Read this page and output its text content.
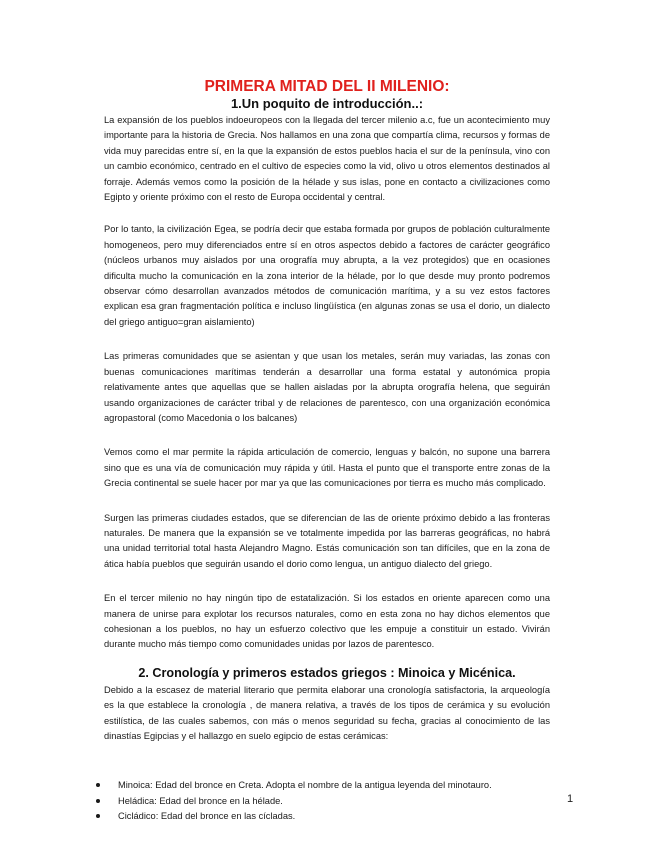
PRIMERA MITAD DEL II MILENIO:
1.Un poquito de introducción..:

La expansión de los pueblos indoeuropeos con la llegada del tercer milenio a.c, fue un acontecimiento muy importante para la historia de Grecia. Nos hallamos en una zona que compartía clima, recursos y formas de vida muy parecidas entre sí, en la que la expansión de estos pueblos hacia el sur de la península, vino con un cambio económico, centrado en el cultivo de especies como la vid, olivo u otros elementos destinados al forraje. Además vemos como la posición de la hélade y sus islas, pone en contacto a civilizaciones como Egipto y oriente próximo con el resto de Europa occidental y central.

Por lo tanto, la civilización Egea, se podría decir que estaba formada por grupos de población culturalmente homogeneos, pero muy diferenciados entre sí en otros aspectos debido a factores de carácter geográfico (núcleos urbanos muy aislados por una orografía muy abrupta, a la vez protegidos) que en ocasiones dificulta mucho la comunicación en la zona interior de la hélade, por lo que desde muy pronto podremos observar cómo desarrollan avanzados métodos de comunicación marítima, y a su vez estos factores explican esa gran fragmentación política e incluso lingüística (en algunas zonas se usa el dorio, un dialecto del griego antiguo=gran aislamiento)

Las primeras comunidades que se asientan y que usan los metales, serán muy variadas, las zonas con buenas comunicaciones marítimas tenderán a desarrollar una forma estatal y autonómica propia relativamente antes que aquellas que se hallen aisladas por la abrupta orografía helena, que seguirán usando organizaciones de carácter tribal y de relaciones de parentesco, con una organización económica agropastoral (como Macedonia o los balcanes)

Vemos como el mar permite la rápida articulación de comercio, lenguas y balcón, no supone una barrera sino que es una vía de comunicación muy rápida y útil. Hasta el punto que el transporte entre zonas de la Grecia continental se suele hacer por mar ya que las comunicaciones por tierra es mucho más complicado.

Surgen las primeras ciudades estados, que se diferencian de las de oriente próximo debido a las fronteras naturales. De manera que la expansión se ve totalmente impedida por las barreras geográficas, no habrá una unidad territorial total hasta Alejandro Magno. Estás comunicación son tan difíciles, que en la zona de ática había pueblos que seguirán usando el dorio como lengua, un antiguo dialecto del griego.

En el tercer milenio no hay ningún tipo de estatalización. Si los estados en oriente aparecen como una manera de unirse para explotar los recursos naturales, como en esta zona no hay dichos elementos que cohesionan a los pueblos, no hay un esfuerzo colectivo que les empuje a constituir un estado. Vivirán durante mucho más tiempo como comunidades unidas por lazos de parentesco.

2. Cronología y primeros estados griegos : Minoica y Micénica.

Debido a la escasez de material literario que permita elaborar una cronología satisfactoria, la arqueología es la que establece la cronología , de manera relativa, a través de los tipos de cerámica y su evolución estilística, de las cuales sabemos, con más o menos seguridad su fecha, gracias al conocimiento de las dinastías Egipcias y el hallazgo en suelo egipcio de estas cerámicas:

Minoica: Edad del bronce en Creta. Adopta el nombre de la antigua leyenda del minotauro.
Heládica: Edad del bronce en la hélade.
Cicládico: Edad del bronce en las cícladas.
1
